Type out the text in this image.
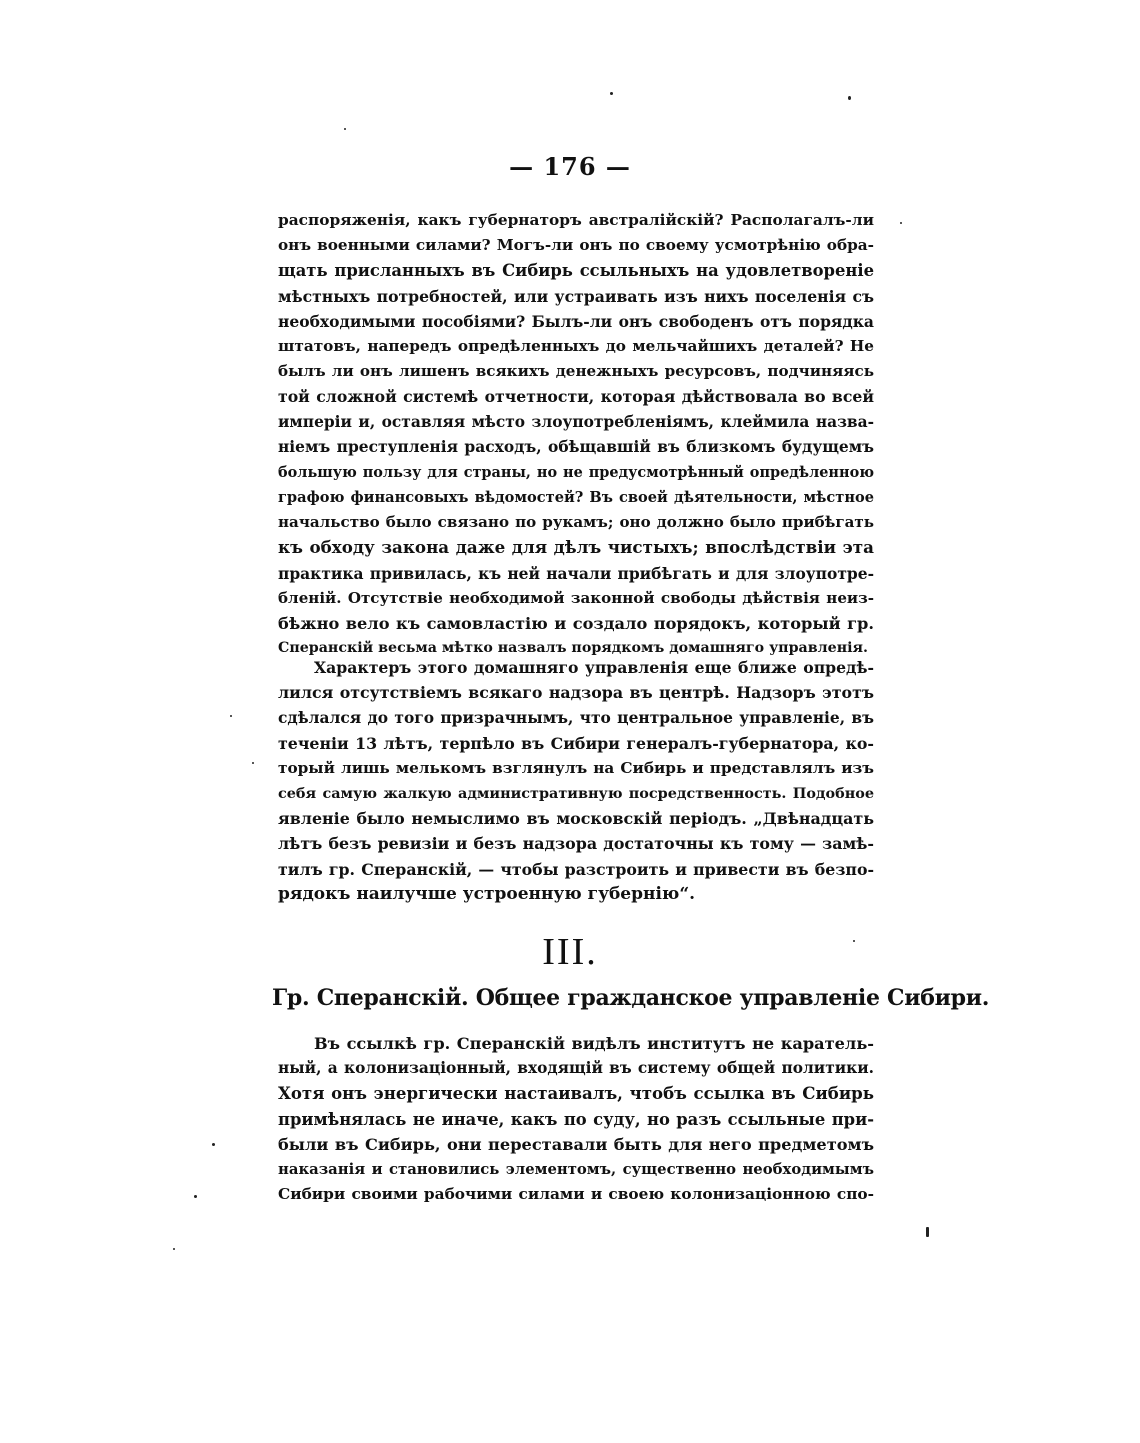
— 176 —
распоряженія, какъ губернаторъ австралійскій? Располагалъ-ли
онъ военными силами? Могъ-ли онъ по своему усмотрѣнію обра-
щать присланныхъ въ Сибирь ссыльныхъ на удовлетвореніе
мѣстныхъ потребностей, или устраивать изъ нихъ поселенія съ
необходимыми пособіями? Былъ-ли онъ свободенъ отъ порядка
штатовъ, напередъ опредѣленныхъ до мельчайшихъ деталей? Не
былъ ли онъ лишенъ всякихъ денежныхъ ресурсовъ, подчиняясь
той сложной системѣ отчетности, которая дѣйствовала во всей
имперіи и, оставляя мѣсто злоупотребленіямъ, клеймила назва-
ніемъ преступленія расходъ, обѣщавшій въ близкомъ будущемъ
большую пользу для страны, но не предусмотрѣнный опредѣленною
графою финансовыхъ вѣдомостей? Въ своей дѣятельности, мѣстное
начальство было связано по рукамъ; оно должно было прибѣгать
къ обходу закона даже для дѣлъ чистыхъ; впослѣдствіи эта
практика привилась, къ ней начали прибѣгать и для злоупотре-
бленій. Отсутствіе необходимой законной свободы дѣйствія неиз-
бѣжно вело къ самовластію и создало порядокъ, который гр.
Сперанскій весьма мѣтко назвалъ порядкомъ домашняго управленія.
Характеръ этого домашняго управленія еще ближе опредѣ-
лился отсутствіемъ всякаго надзора въ центрѣ. Надзоръ этотъ
сдѣлался до того призрачнымъ, что центральное управленіе, въ
теченіи 13 лѣтъ, терпѣло въ Сибири генералъ-губернатора, ко-
торый лишь мелькомъ взглянулъ на Сибирь и представлялъ изъ
себя самую жалкую административную посредственность. Подобное
явленіе было немыслимо въ московскій періодъ. „Двѣнадцать
лѣтъ безъ ревизіи и безъ надзора достаточны къ тому — замѣ-
тилъ гр. Сперанскій, — чтобы разстроить и привести въ безпо-
рядокъ наилучше устроенную губернію“.
III.
Гр. Сперанскій. Общее гражданское управленіе Сибири.
Въ ссылкѣ гр. Сперанскій видѣлъ институтъ не каратель-
ный, а колонизаціонный, входящій въ систему общей политики.
Хотя онъ энергически настаивалъ, чтобъ ссылка въ Сибирь
примѣнялась не иначе, какъ по суду, но разъ ссыльные при-
были въ Сибирь, они переставали быть для него предметомъ
наказанія и становились элементомъ, существенно необходимымъ
Сибири своими рабочими силами и своею колонизаціонною спо-
